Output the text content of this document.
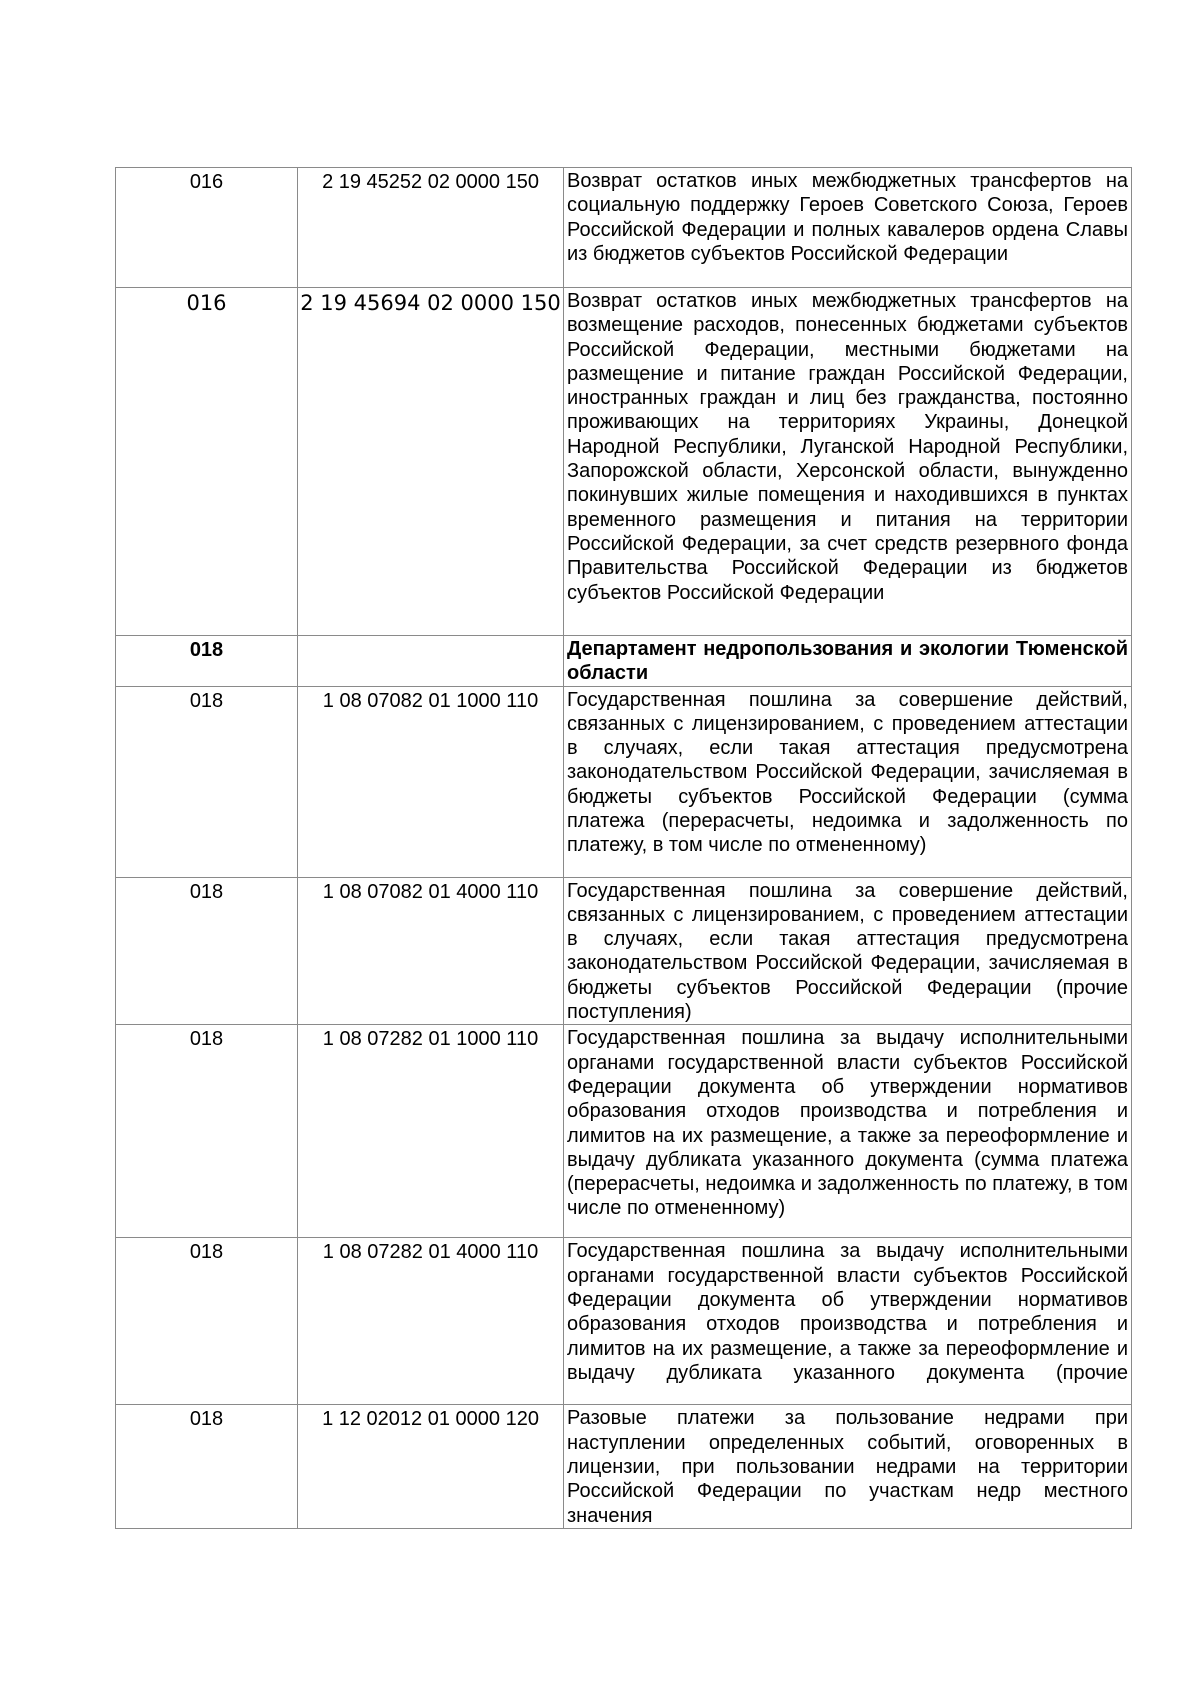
016	2 19 45252 02 0000 150	Возврат остатков иных межбюджетных трансфертов на социальную поддержку Героев Советского Союза, Героев Российской Федерации и полных кавалеров ордена Славы из бюджетов субъектов Российской Федерации

016	2 19 45694 02 0000 150	Возврат остатков иных межбюджетных трансфертов на возмещение расходов, понесенных бюджетами субъектов Российской Федерации, местными бюджетами на размещение и питание граждан Российской Федерации, иностранных граждан и лиц без гражданства, постоянно проживающих на территориях Украины, Донецкой Народной Республики, Луганской Народной Республики, Запорожской области, Херсонской области, вынужденно покинувших жилые помещения и находившихся в пунктах временного размещения и питания на территории Российской Федерации, за счет средств резервного фонда Правительства Российской Федерации из бюджетов субъектов Российской Федерации

018		Департамент недропользования и экологии Тюменской области

018	1 08 07082 01 1000 110	Государственная пошлина за совершение действий, связанных с лицензированием, с проведением аттестации в случаях, если такая аттестация предусмотрена законодательством Российской Федерации, зачисляемая в бюджеты субъектов Российской Федерации (сумма платежа (перерасчеты, недоимка и задолженность по платежу, в том числе по отмененному)

018	1 08 07082 01 4000 110	Государственная пошлина за совершение действий, связанных с лицензированием, с проведением аттестации в случаях, если такая аттестация предусмотрена законодательством Российской Федерации, зачисляемая в бюджеты субъектов Российской Федерации (прочие поступления)

018	1 08 07282 01 1000 110	Государственная пошлина за выдачу исполнительными органами государственной власти субъектов Российской Федерации документа об утверждении нормативов образования отходов производства и потребления и лимитов на их размещение, а также за переоформление и выдачу дубликата указанного документа (сумма платежа (перерасчеты, недоимка и задолженность по платежу, в том числе по отмененному)

018	1 08 07282 01 4000 110	Государственная пошлина за выдачу исполнительными органами государственной власти субъектов Российской Федерации документа об утверждении нормативов образования отходов производства и потребления и лимитов на их размещение, а также за переоформление и выдачу дубликата указанного документа (прочие

018	1 12 02012 01 0000 120	Разовые платежи за пользование недрами при наступлении определенных событий, оговоренных в лицензии, при пользовании недрами на территории Российской Федерации по участкам недр местного значения
